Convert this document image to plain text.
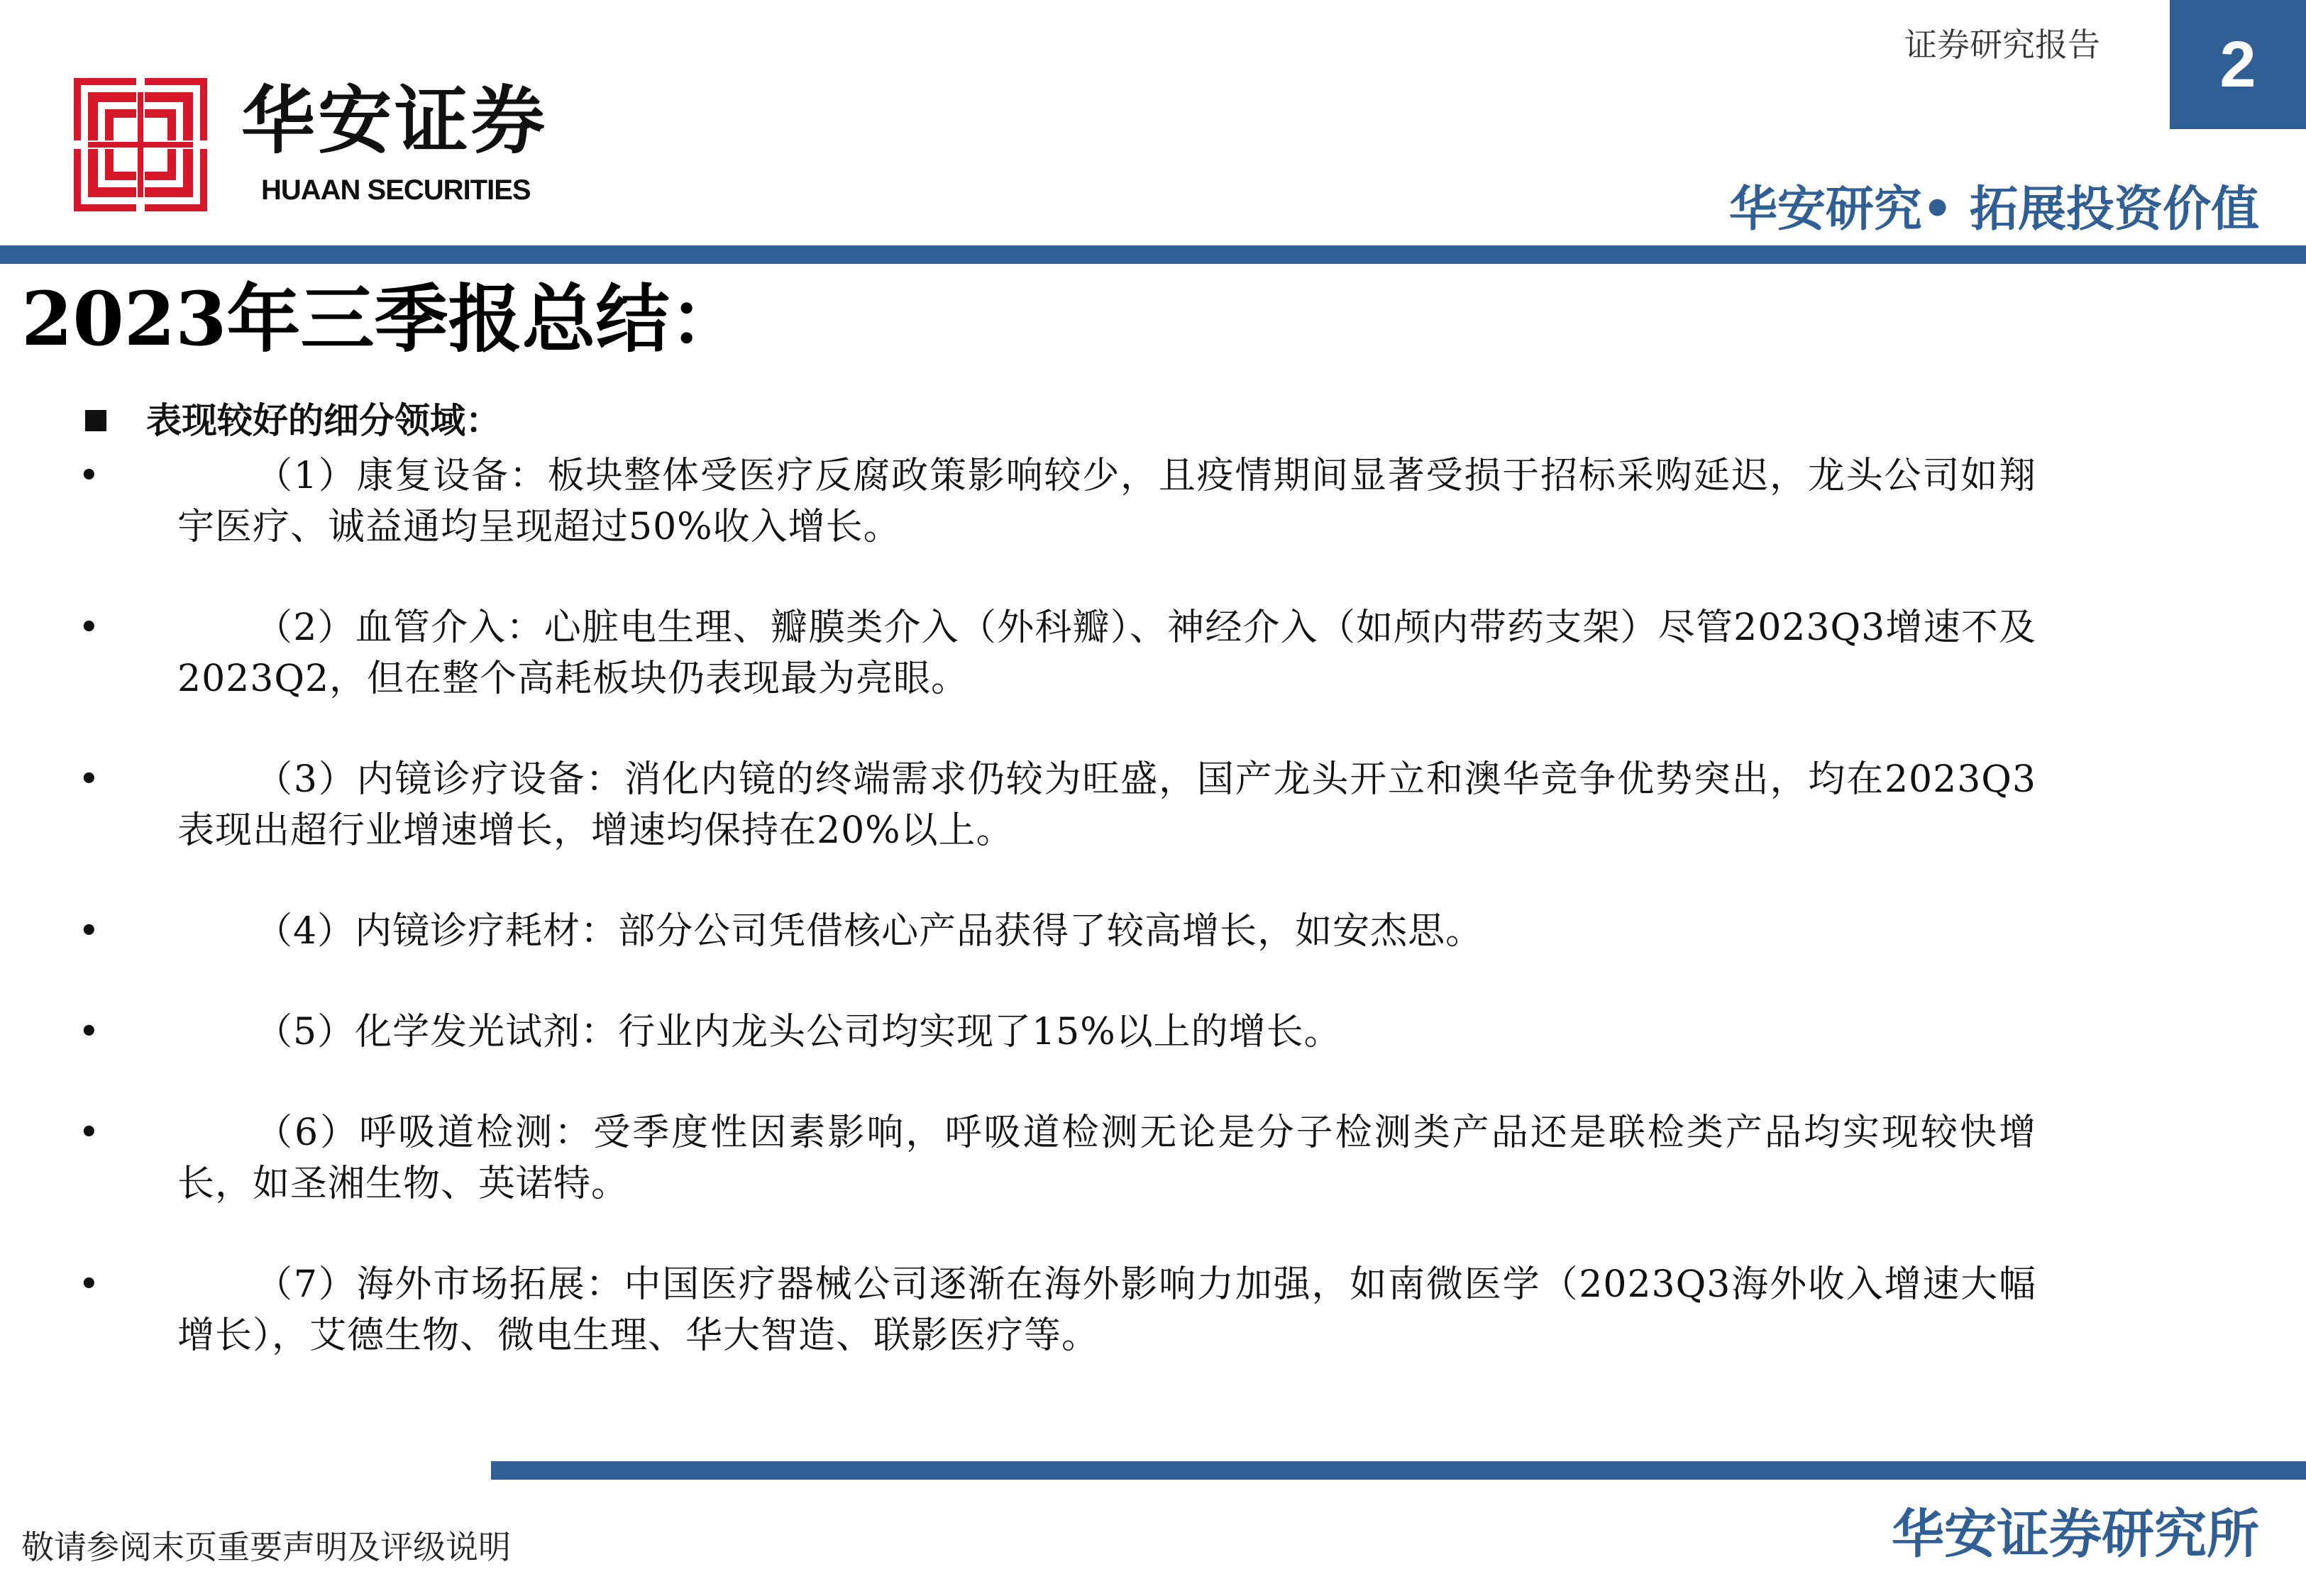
华安证券
HUAAN SECURITIES
证券研究报告 2
华安研究• 拓展投资价值
2023年三季报总结：
表现较好的细分领域：
•	（1）康复设备：板块整体受医疗反腐政策影响较少，且疫情期间显著受损于招标采购延迟，龙头公司如翔宇医疗、诚益通均呈现超过50%收入增长。
•	（2）血管介入：心脏电生理、瓣膜类介入（外科瓣）、神经介入（如颅内带药支架）尽管2023Q3增速不及2023Q2，但在整个高耗板块仍表现最为亮眼。
•	（3）内镜诊疗设备：消化内镜的终端需求仍较为旺盛，国产龙头开立和澳华竞争优势突出，均在2023Q3表现出超行业增速增长，增速均保持在20%以上。
•	（4）内镜诊疗耗材：部分公司凭借核心产品获得了较高增长，如安杰思。
•	（5）化学发光试剂：行业内龙头公司均实现了15%以上的增长。
•	（6）呼吸道检测：受季度性因素影响，呼吸道检测无论是分子检测类产品还是联检类产品均实现较快增长，如圣湘生物、英诺特。
•	（7）海外市场拓展：中国医疗器械公司逐渐在海外影响力加强，如南微医学（2023Q3海外收入增速大幅增长），艾德生物、微电生理、华大智造、联影医疗等。
敬请参阅末页重要声明及评级说明	华安证券研究所
